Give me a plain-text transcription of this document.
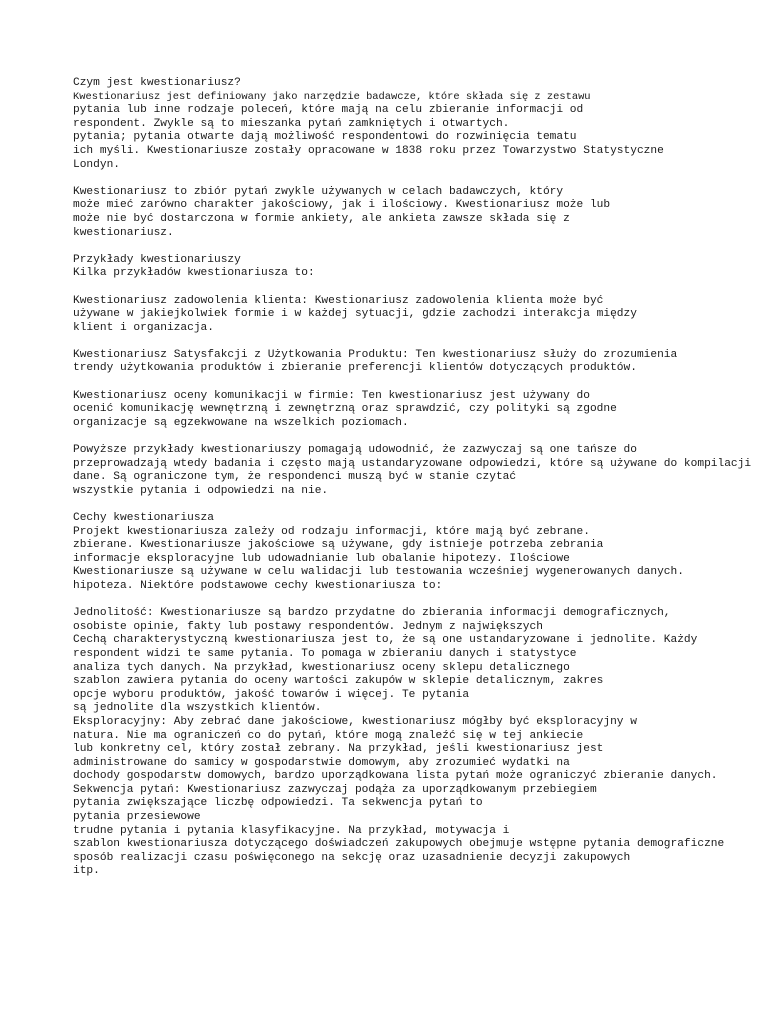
Czym jest kwestionariusz?
Kwestionariusz jest definiowany jako narzędzie badawcze, które składa się z zestawu
pytania lub inne rodzaje poleceń, które mają na celu zbieranie informacji od
respondent. Zwykle są to mieszanka pytań zamkniętych i otwartych.
pytania; pytania otwarte dają możliwość respondentowi do rozwinięcia tematu
ich myśli. Kwestionariusze zostały opracowane w 1838 roku przez Towarzystwo Statystyczne
Londyn.

Kwestionariusz to zbiór pytań zwykle używanych w celach badawczych, który
może mieć zarówno charakter jakościowy, jak i ilościowy. Kwestionariusz może lub
może nie być dostarczona w formie ankiety, ale ankieta zawsze składa się z
kwestionariusz.

Przykłady kwestionariuszy
Kilka przykładów kwestionariusza to:

Kwestionariusz zadowolenia klienta: Kwestionariusz zadowolenia klienta może być
używane w jakiejkolwiek formie i w każdej sytuacji, gdzie zachodzi interakcja między
klient i organizacja.

Kwestionariusz Satysfakcji z Użytkowania Produktu: Ten kwestionariusz służy do zrozumienia
trendy użytkowania produktów i zbieranie preferencji klientów dotyczących produktów.

Kwestionariusz oceny komunikacji w firmie: Ten kwestionariusz jest używany do
ocenić komunikację wewnętrzną i zewnętrzną oraz sprawdzić, czy polityki są zgodne
organizacje są egzekwowane na wszelkich poziomach.

Powyższe przykłady kwestionariuszy pomagają udowodnić, że zazwyczaj są one tańsze do
przeprowadzają wtedy badania i często mają ustandaryzowane odpowiedzi, które są używane do kompilacji
dane. Są ograniczone tym, że respondenci muszą być w stanie czytać
wszystkie pytania i odpowiedzi na nie.

Cechy kwestionariusza
Projekt kwestionariusza zależy od rodzaju informacji, które mają być zebrane.
zbierane. Kwestionariusze jakościowe są używane, gdy istnieje potrzeba zebrania
informacje eksploracyjne lub udowadnianie lub obalanie hipotezy. Ilościowe
Kwestionariusze są używane w celu walidacji lub testowania wcześniej wygenerowanych danych.
hipoteza. Niektóre podstawowe cechy kwestionariusza to:

Jednolitość: Kwestionariusze są bardzo przydatne do zbierania informacji demograficznych,
osobiste opinie, fakty lub postawy respondentów. Jednym z największych
Cechą charakterystyczną kwestionariusza jest to, że są one ustandaryzowane i jednolite. Każdy
respondent widzi te same pytania. To pomaga w zbieraniu danych i statystyce
analiza tych danych. Na przykład, kwestionariusz oceny sklepu detalicznego
szablon zawiera pytania do oceny wartości zakupów w sklepie detalicznym, zakres
opcje wyboru produktów, jakość towarów i więcej. Te pytania
są jednolite dla wszystkich klientów.
Eksploracyjny: Aby zebrać dane jakościowe, kwestionariusz mógłby być eksploracyjny w
natura. Nie ma ograniczeń co do pytań, które mogą znaleźć się w tej ankiecie
lub konkretny cel, który został zebrany. Na przykład, jeśli kwestionariusz jest
administrowane do samicy w gospodarstwie domowym, aby zrozumieć wydatki na
dochody gospodarstw domowych, bardzo uporządkowana lista pytań może ograniczyć zbieranie danych.
Sekwencja pytań: Kwestionariusz zazwyczaj podąża za uporządkowanym przebiegiem
pytania zwiększające liczbę odpowiedzi. Ta sekwencja pytań to
pytania przesiewowe
trudne pytania i pytania klasyfikacyjne. Na przykład, motywacja i
szablon kwestionariusza dotyczącego doświadczeń zakupowych obejmuje wstępne pytania demograficzne
sposób realizacji czasu poświęconego na sekcję oraz uzasadnienie decyzji zakupowych
itp.
